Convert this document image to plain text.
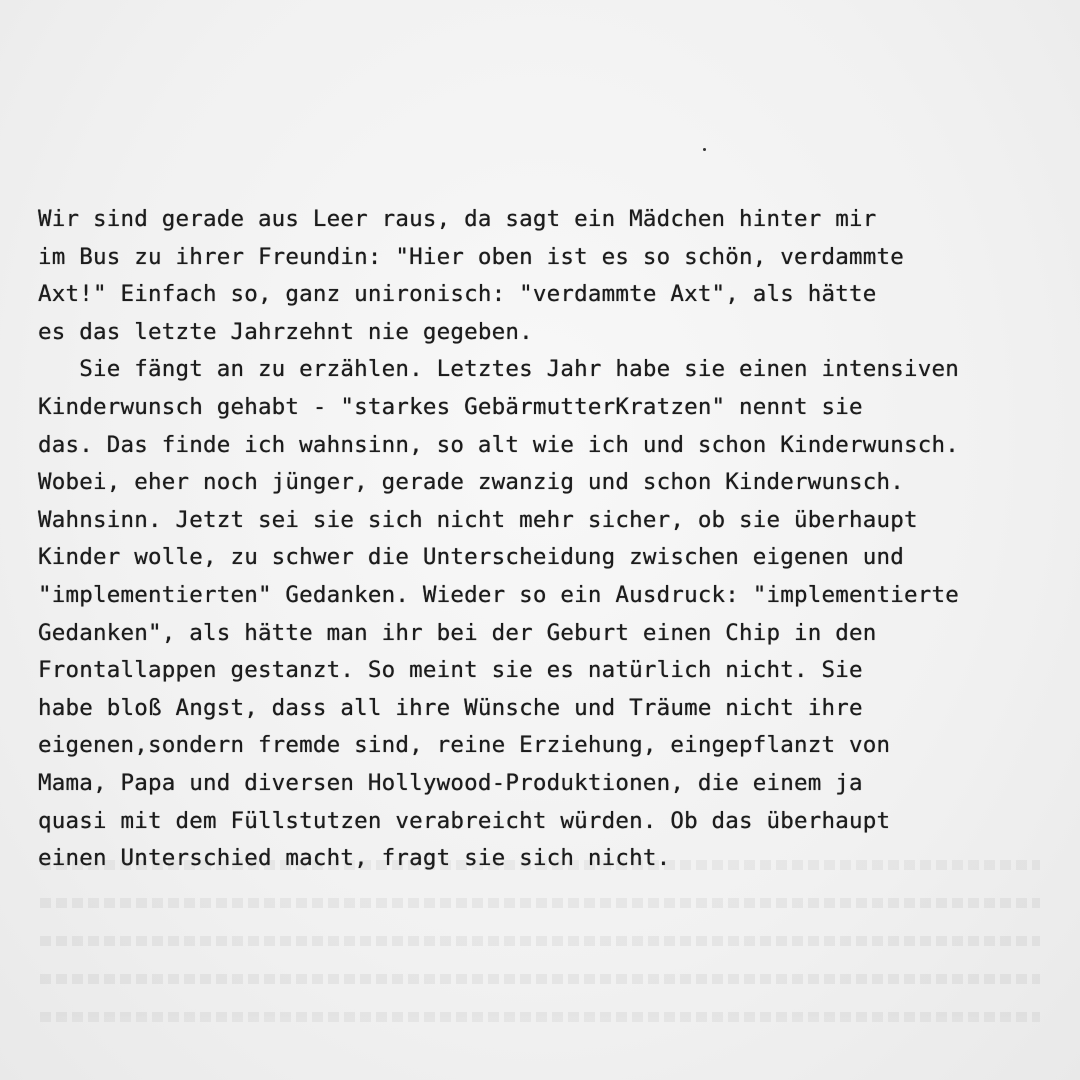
Wir sind gerade aus Leer raus, da sagt ein Mädchen hinter mir
im Bus zu ihrer Freundin: "Hier oben ist es so schön, verdammte
Axt!" Einfach so, ganz unironisch: "verdammte Axt", als hätte
es das letzte Jahrzehnt nie gegeben.
Sie fängt an zu erzählen. Letztes Jahr habe sie einen intensiven
Kinderwunsch gehabt - "starkes GebärmutterKratzen" nennt sie
das. Das finde ich wahnsinn, so alt wie ich und schon Kinderwunsch.
Wobei, eher noch jünger, gerade zwanzig und schon Kinderwunsch.
Wahnsinn. Jetzt sei sie sich nicht mehr sicher, ob sie überhaupt
Kinder wolle, zu schwer die Unterscheidung zwischen eigenen und
"implementierten" Gedanken. Wieder so ein Ausdruck: "implementierte
Gedanken", als hätte man ihr bei der Geburt einen Chip in den
Frontallappen gestanzt. So meint sie es natürlich nicht. Sie
habe bloß Angst, dass all ihre Wünsche und Träume nicht ihre
eigenen,sondern fremde sind, reine Erziehung, eingepflanzt von
Mama, Papa und diversen Hollywood-Produktionen, die einem ja
quasi mit dem Füllstutzen verabreicht würden. Ob das überhaupt
einen Unterschied macht, fragt sie sich nicht.
